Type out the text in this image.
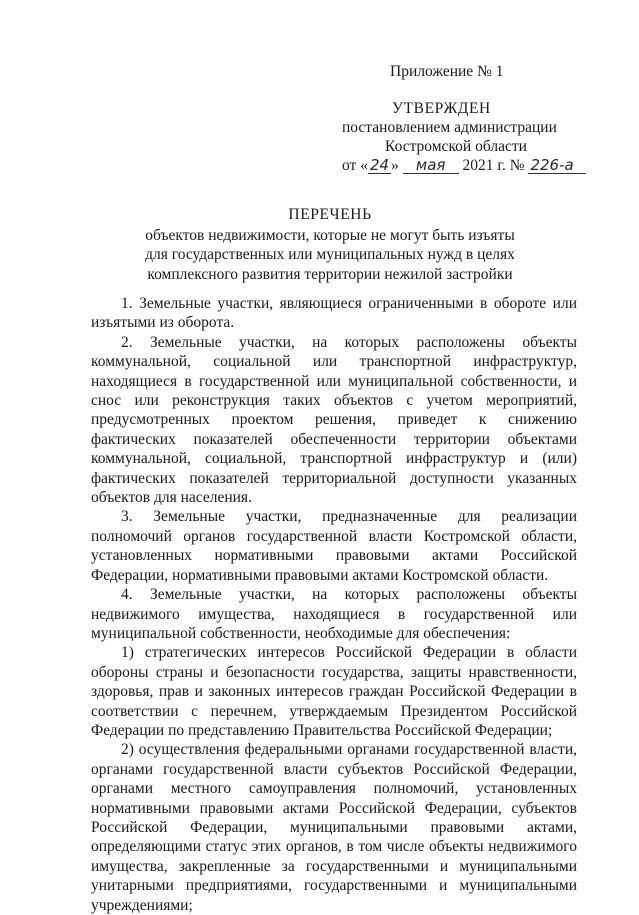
Приложение № 1
УТВЕРЖДЕН
постановлением администрации
Костромской области
от « 24 » мая 2021 г. № 226-а
ПЕРЕЧЕНЬ
объектов недвижимости, которые не могут быть изъяты
для государственных или муниципальных нужд в целях
комплексного развития территории нежилой застройки

1. Земельные участки, являющиеся ограниченными в обороте или изъятыми из оборота.

2. Земельные участки, на которых расположены объекты коммунальной, социальной или транспортной инфраструктур, находящиеся в государственной или муниципальной собственности, и снос или реконструкция таких объектов с учетом мероприятий, предусмотренных проектом решения, приведет к снижению фактических показателей обеспеченности территории объектами коммунальной, социальной, транспортной инфраструктур и (или) фактических показателей территориальной доступности указанных объектов для населения.

3. Земельные участки, предназначенные для реализации полномочий органов государственной власти Костромской области, установленных нормативными правовыми актами Российской Федерации, нормативными правовыми актами Костромской области.

4. Земельные участки, на которых расположены объекты недвижимого имущества, находящиеся в государственной или муниципальной собственности, необходимые для обеспечения:

1) стратегических интересов Российской Федерации в области обороны страны и безопасности государства, защиты нравственности, здоровья, прав и законных интересов граждан Российской Федерации в соответствии с перечнем, утверждаемым Президентом Российской Федерации по представлению Правительства Российской Федерации;

2) осуществления федеральными органами государственной власти, органами государственной власти субъектов Российской Федерации, органами местного самоуправления полномочий, установленных нормативными правовыми актами Российской Федерации, субъектов Российской Федерации, муниципальными правовыми актами, определяющими статус этих органов, в том числе объекты недвижимого имущества, закрепленные за государственными и муниципальными унитарными предприятиями, государственными и муниципальными учреждениями;
